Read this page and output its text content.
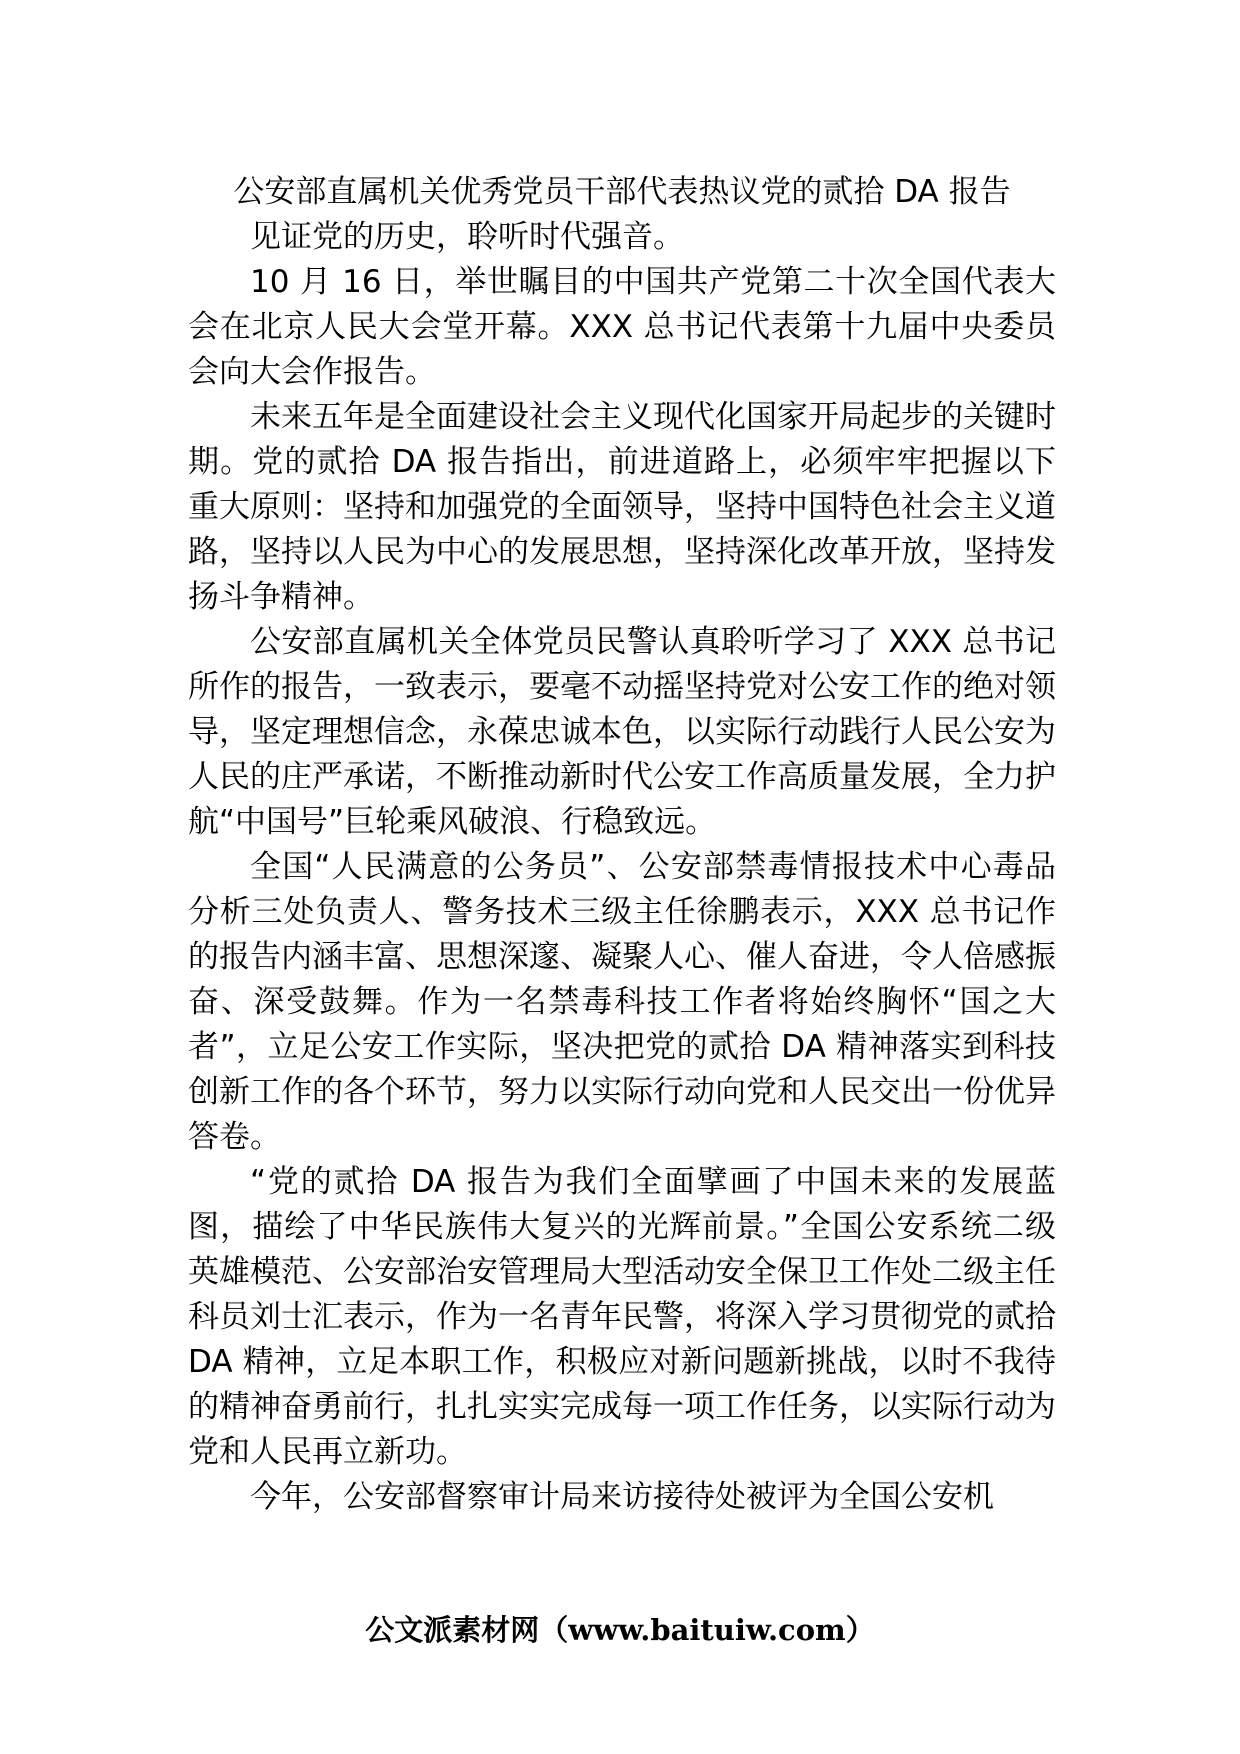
公安部直属机关优秀党员干部代表热议党的贰拾 DA 报告

见证党的历史，聆听时代强音。

10 月 16 日，举世瞩目的中国共产党第二十次全国代表大会在北京人民大会堂开幕。XXX 总书记代表第十九届中央委员会向大会作报告。

未来五年是全面建设社会主义现代化国家开局起步的关键时期。党的贰拾 DA 报告指出，前进道路上，必须牢牢把握以下重大原则：坚持和加强党的全面领导，坚持中国特色社会主义道路，坚持以人民为中心的发展思想，坚持深化改革开放，坚持发扬斗争精神。

公安部直属机关全体党员民警认真聆听学习了 XXX 总书记所作的报告，一致表示，要毫不动摇坚持党对公安工作的绝对领导，坚定理想信念，永葆忠诚本色，以实际行动践行人民公安为人民的庄严承诺，不断推动新时代公安工作高质量发展，全力护航“中国号”巨轮乘风破浪、行稳致远。

全国“人民满意的公务员”、公安部禁毒情报技术中心毒品分析三处负责人、警务技术三级主任徐鹏表示，XXX 总书记作的报告内涵丰富、思想深邃、凝聚人心、催人奋进，令人倍感振奋、深受鼓舞。作为一名禁毒科技工作者将始终胸怀“国之大者”，立足公安工作实际，坚决把党的贰拾 DA 精神落实到科技创新工作的各个环节，努力以实际行动向党和人民交出一份优异答卷。

“党的贰拾 DA 报告为我们全面擘画了中国未来的发展蓝图，描绘了中华民族伟大复兴的光辉前景。”全国公安系统二级英雄模范、公安部治安管理局大型活动安全保卫工作处二级主任科员刘士汇表示，作为一名青年民警，将深入学习贯彻党的贰拾 DA 精神，立足本职工作，积极应对新问题新挑战，以时不我待的精神奋勇前行，扎扎实实完成每一项工作任务，以实际行动为党和人民再立新功。

今年，公安部督察审计局来访接待处被评为全国公安机

公文派素材网（www.baituiw.com）
